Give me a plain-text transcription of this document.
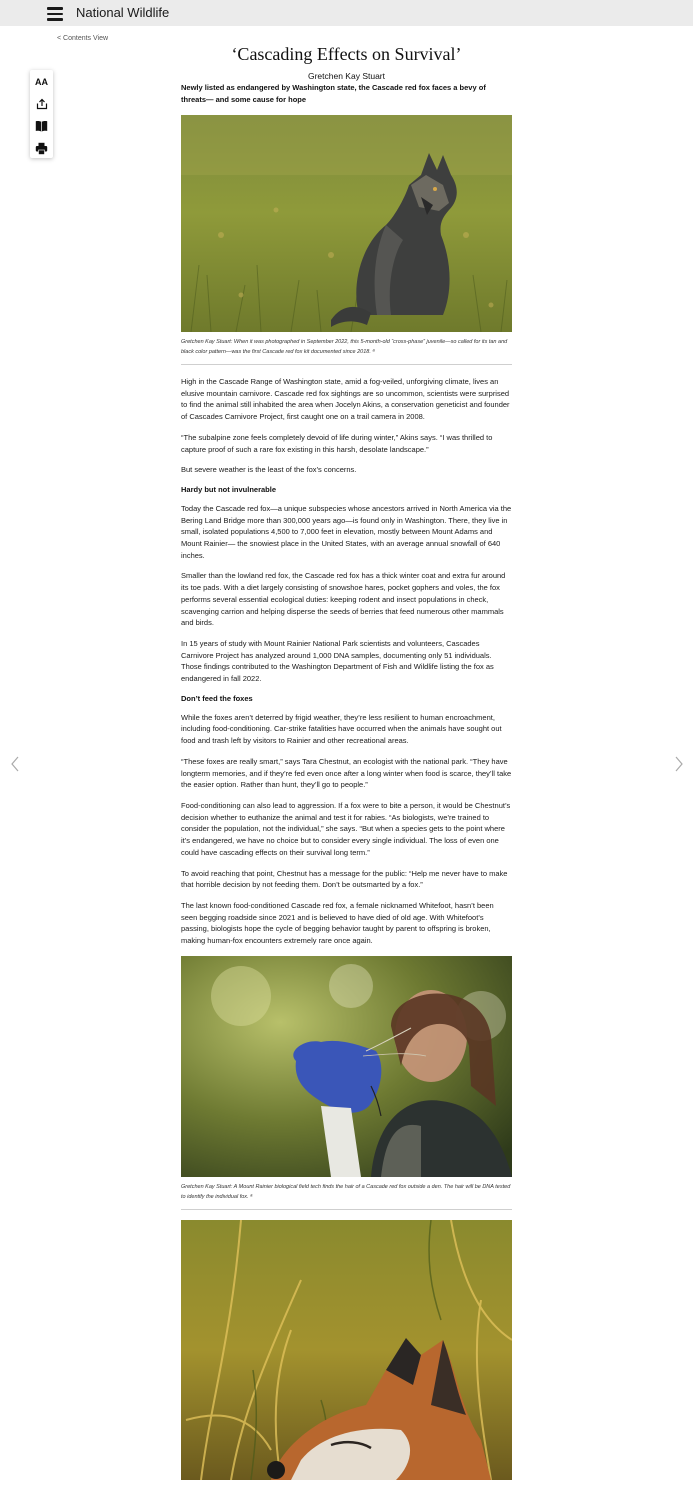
National Wildlife
< Contents View
AA
‘Cascading Effects on Survival’
Gretchen Kay Stuart
Newly listed as endangered by Washington state, the Cascade red fox faces a bevy of threats— and some cause for hope
Gretchen Kay Stuart: When it was photographed in September 2022, this 5-month-old “cross-phase” juvenile—so called for its tan and black color pattern—was the first Cascade red fox kit documented since 2018. ª

High in the Cascade Range of Washington state, amid a fog-veiled, unforgiving climate, lives an elusive mountain carnivore. Cascade red fox sightings are so uncommon, scientists were surprised to find the animal still inhabited the area when Jocelyn Akins, a conservation geneticist and founder of Cascades Carnivore Project, first caught one on a trail camera in 2008.

“The subalpine zone feels completely devoid of life during winter,” Akins says. “I was thrilled to capture proof of such a rare fox existing in this harsh, desolate landscape.”

But severe weather is the least of the fox’s concerns.

Hardy but not invulnerable

Today the Cascade red fox—a unique subspecies whose ancestors arrived in North America via the Bering Land Bridge more than 300,000 years ago—is found only in Washington. There, they live in small, isolated populations 4,500 to 7,000 feet in elevation, mostly between Mount Adams and Mount Rainier— the snowiest place in the United States, with an average annual snowfall of 640 inches.

Smaller than the lowland red fox, the Cascade red fox has a thick winter coat and extra fur around its toe pads. With a diet largely consisting of snowshoe hares, pocket gophers and voles, the fox performs several essential ecological duties: keeping rodent and insect populations in check, scavenging carrion and helping disperse the seeds of berries that feed numerous other mammals and birds.

In 15 years of study with Mount Rainier National Park scientists and volunteers, Cascades Carnivore Project has analyzed around 1,000 DNA samples, documenting only 51 individuals. Those findings contributed to the Washington Department of Fish and Wildlife listing the fox as endangered in fall 2022.

Don’t feed the foxes

While the foxes aren’t deterred by frigid weather, they’re less resilient to human encroachment, including food-conditioning. Car-strike fatalities have occurred when the animals have sought out food and trash left by visitors to Rainier and other recreational areas.

“These foxes are really smart,” says Tara Chestnut, an ecologist with the national park. “They have longterm memories, and if they’re fed even once after a long winter when food is scarce, they’ll take the easier option. Rather than hunt, they’ll go to people.”

Food-conditioning can also lead to aggression. If a fox were to bite a person, it would be Chestnut’s decision whether to euthanize the animal and test it for rabies. “As biologists, we’re trained to consider the population, not the individual,” she says. “But when a species gets to the point where it’s endangered, we have no choice but to consider every single individual. The loss of even one could have cascading effects on their survival long term.”

To avoid reaching that point, Chestnut has a message for the public: “Help me never have to make that horrible decision by not feeding them. Don’t be outsmarted by a fox.”

The last known food-conditioned Cascade red fox, a female nicknamed Whitefoot, hasn’t been seen begging roadside since 2021 and is believed to have died of old age. With Whitefoot’s passing, biologists hope the cycle of begging behavior taught by parent to offspring is broken, making human-fox encounters extremely rare once again.

Gretchen Kay Stuart: A Mount Rainier biological field tech finds the hair of a Cascade red fox outside a den. The hair will be DNA tested to identify the individual fox. ª
